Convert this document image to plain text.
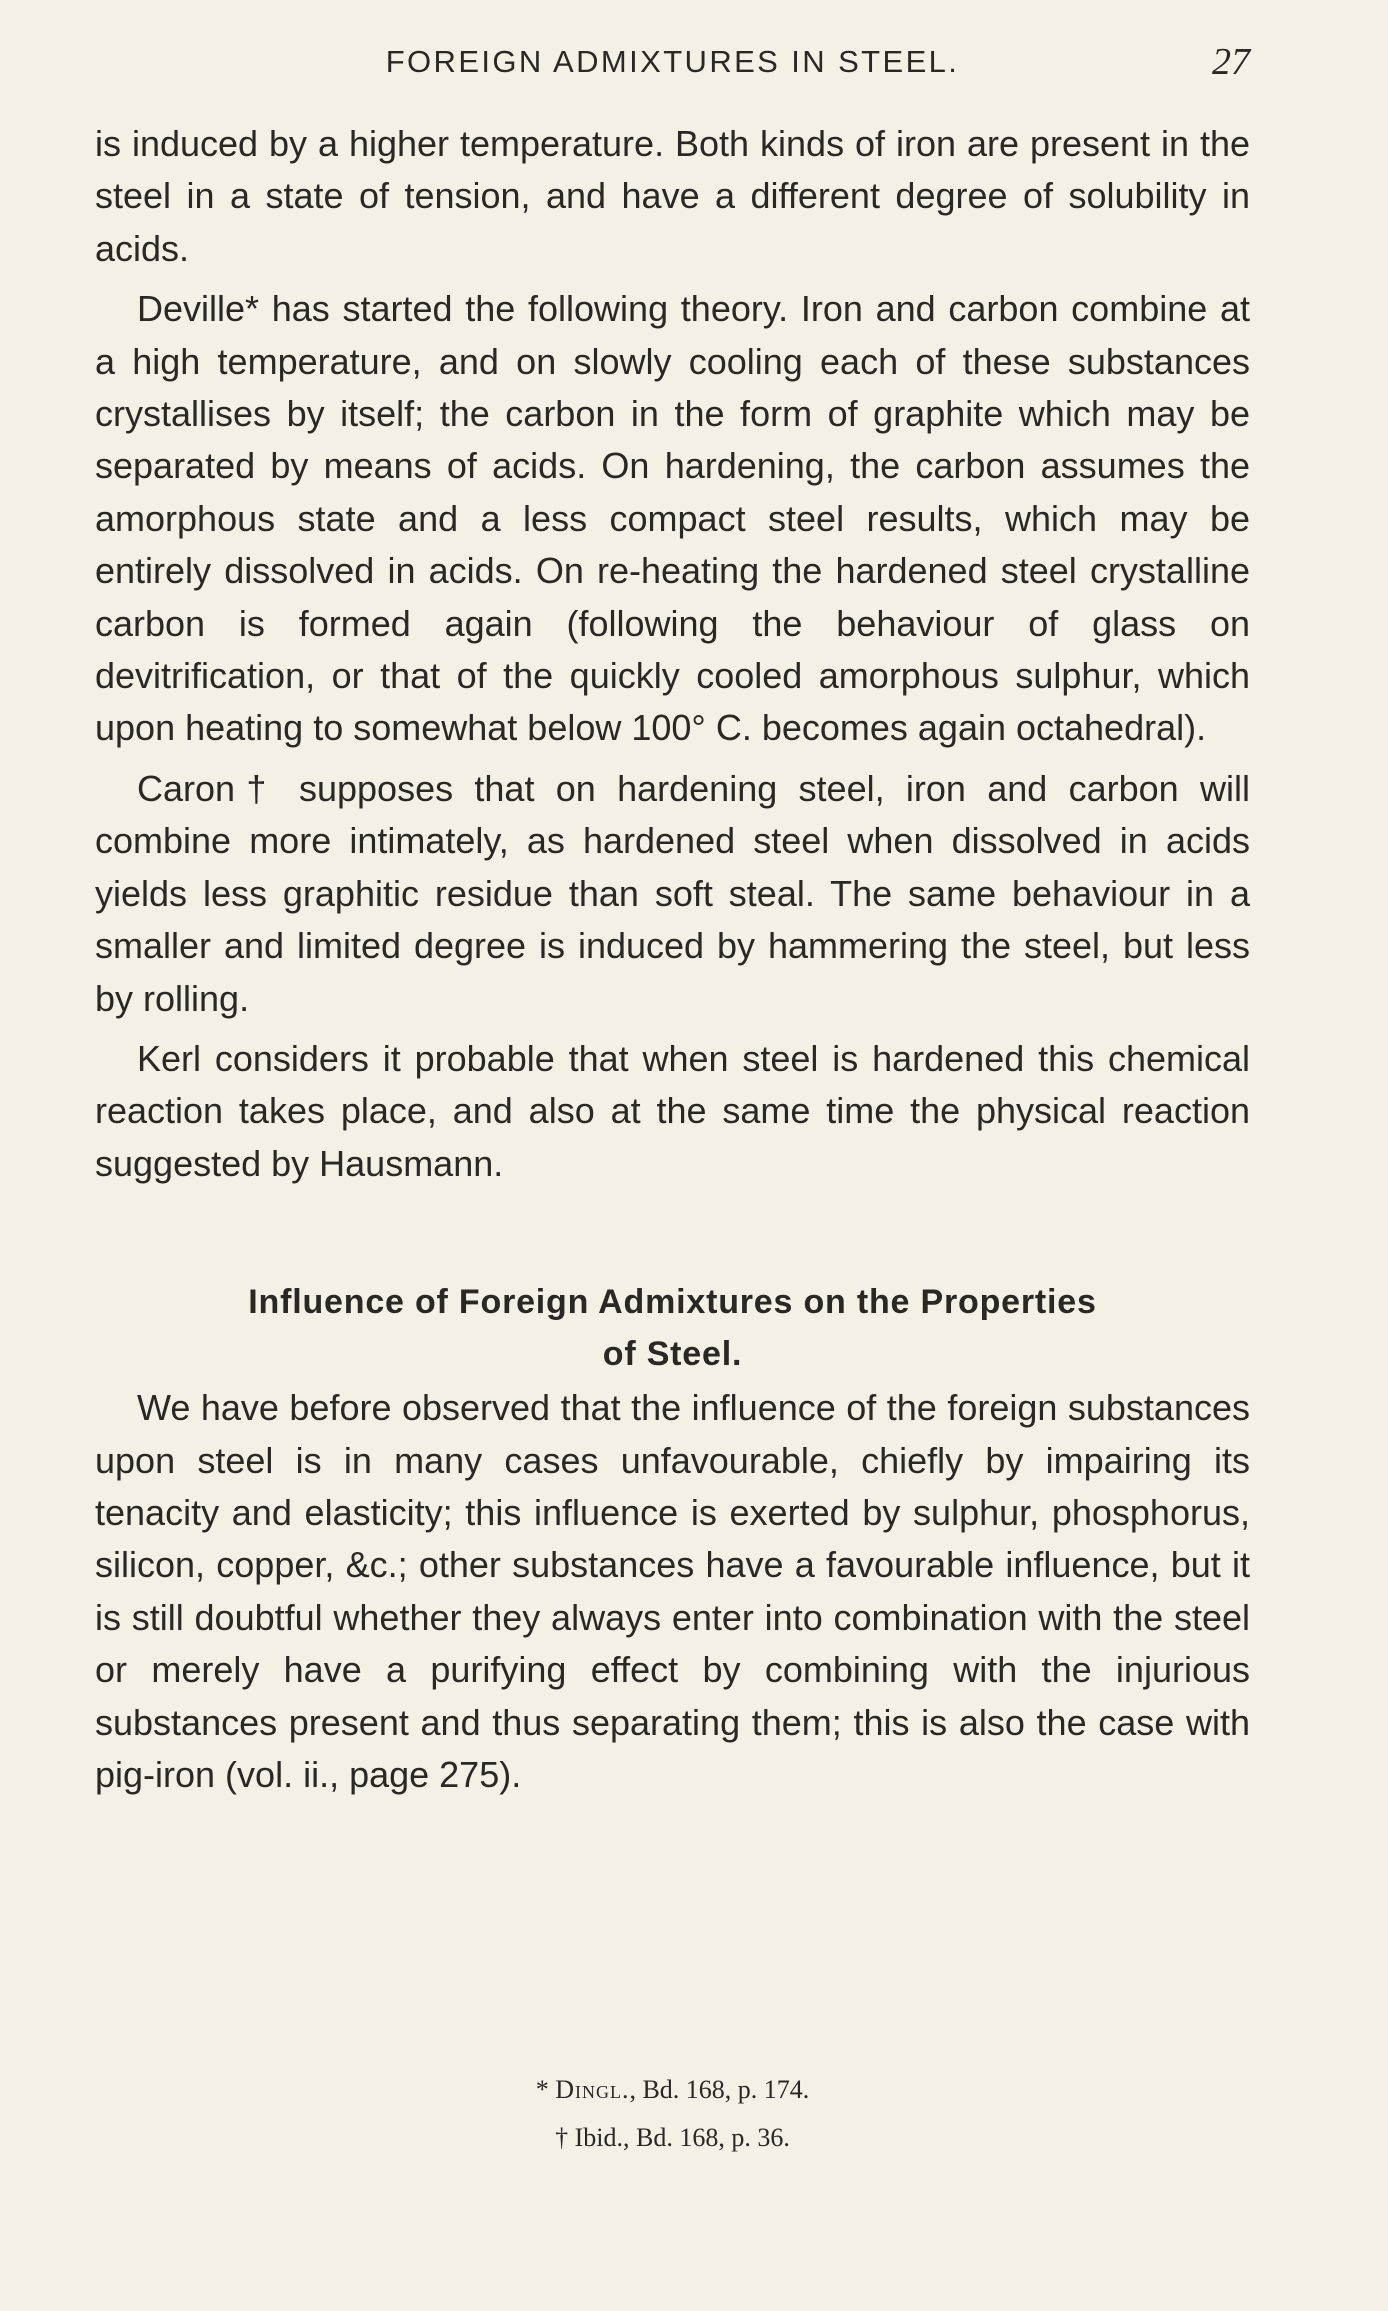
FOREIGN ADMIXTURES IN STEEL.	27

is induced by a higher temperature. Both kinds of iron are present in the steel in a state of tension, and have a different degree of solubility in acids.

Deville* has started the following theory. Iron and carbon combine at a high temperature, and on slowly cooling each of these substances crystallises by itself; the carbon in the form of graphite which may be separated by means of acids. On hardening, the carbon assumes the amorphous state and a less compact steel results, which may be entirely dissolved in acids. On re-heating the hardened steel crystalline carbon is formed again (following the behaviour of glass on devitrification, or that of the quickly cooled amorphous sulphur, which upon heating to somewhat below 100° C. becomes again octahedral).

Caron† supposes that on hardening steel, iron and carbon will combine more intimately, as hardened steel when dissolved in acids yields less graphitic residue than soft steal. The same behaviour in a smaller and limited degree is induced by hammering the steel, but less by rolling.

Kerl considers it probable that when steel is hardened this chemical reaction takes place, and also at the same time the physical reaction suggested by Hausmann.

Influence of Foreign Admixtures on the Properties
of Steel.

We have before observed that the influence of the foreign substances upon steel is in many cases unfavourable, chiefly by impairing its tenacity and elasticity; this influence is exerted by sulphur, phosphorus, silicon, copper, &c.; other substances have a favourable influence, but it is still doubtful whether they always enter into combination with the steel or merely have a purifying effect by combining with the injurious substances present and thus separating them; this is also the case with pig-iron (vol. ii., page 275).

* Dingl., Bd. 168, p. 174.
† Ibid., Bd. 168, p. 36.
